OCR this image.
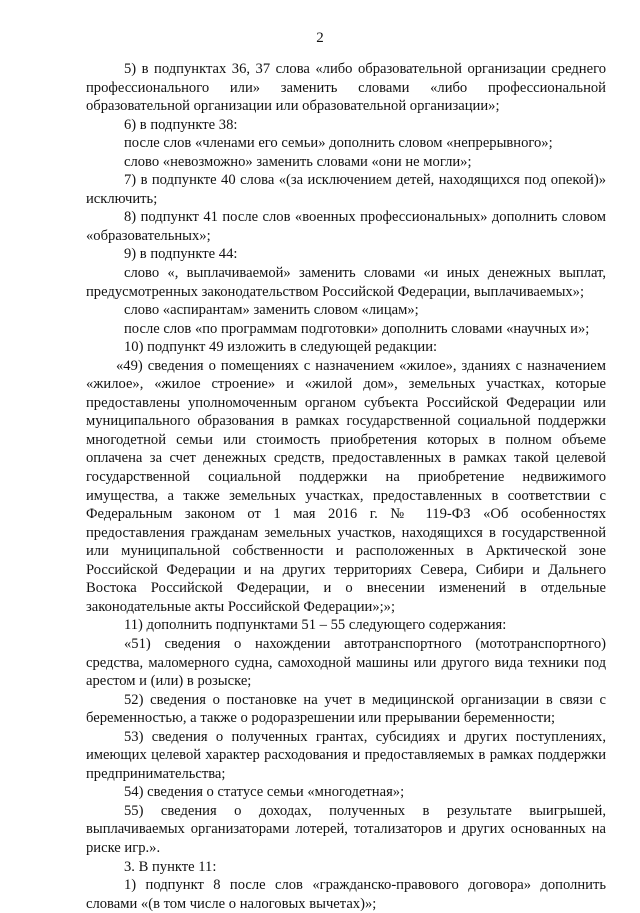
2

5) в подпунктах 36, 37 слова «либо образовательной организации среднего профессионального или» заменить словами «либо профессиональной образовательной организации или образовательной организации»;

6) в подпункте 38:

после слов «членами его семьи» дополнить словом «непрерывного»;

слово «невозможно» заменить словами «они не могли»;

7) в подпункте 40 слова «(за исключением детей, находящихся под опекой)» исключить;

8) подпункт 41 после слов «военных профессиональных» дополнить словом «образовательных»;

9) в подпункте 44:

слово «, выплачиваемой» заменить словами «и иных денежных выплат, предусмотренных законодательством Российской Федерации, выплачиваемых»;

слово «аспирантам» заменить словом «лицам»;

после слов «по программам подготовки» дополнить словами «научных и»;

10) подпункт 49 изложить в следующей редакции:

«49) сведения о помещениях с назначением «жилое», зданиях с назначением «жилое», «жилое строение» и «жилой дом», земельных участках, которые предоставлены уполномоченным органом субъекта Российской Федерации или муниципального образования в рамках государственной социальной поддержки многодетной семьи или стоимость приобретения которых в полном объеме оплачена за счет денежных средств, предоставленных в рамках такой целевой государственной социальной поддержки на приобретение недвижимого имущества, а также земельных участках, предоставленных в соответствии с Федеральным законом от 1 мая 2016 г. № 119-ФЗ «Об особенностях предоставления гражданам земельных участков, находящихся в государственной или муниципальной собственности и расположенных в Арктической зоне Российской Федерации и на других территориях Севера, Сибири и Дальнего Востока Российской Федерации, и о внесении изменений в отдельные законодательные акты Российской Федерации»;»;

11) дополнить подпунктами 51 – 55 следующего содержания:

«51) сведения о нахождении автотранспортного (мототранспортного) средства, маломерного судна, самоходной машины или другого вида техники под арестом и (или) в розыске;

52) сведения о постановке на учет в медицинской организации в связи с беременностью, а также о родоразрешении или прерывании беременности;

53) сведения о полученных грантах, субсидиях и других поступлениях, имеющих целевой характер расходования и предоставляемых в рамках поддержки предпринимательства;

54) сведения о статусе семьи «многодетная»;

55) сведения о доходах, полученных в результате выигрышей, выплачиваемых организаторами лотерей, тотализаторов и других основанных на риске игр.».

3. В пункте 11:

1) подпункт 8 после слов «гражданско-правового договора» дополнить словами «(в том числе о налоговых вычетах)»;
